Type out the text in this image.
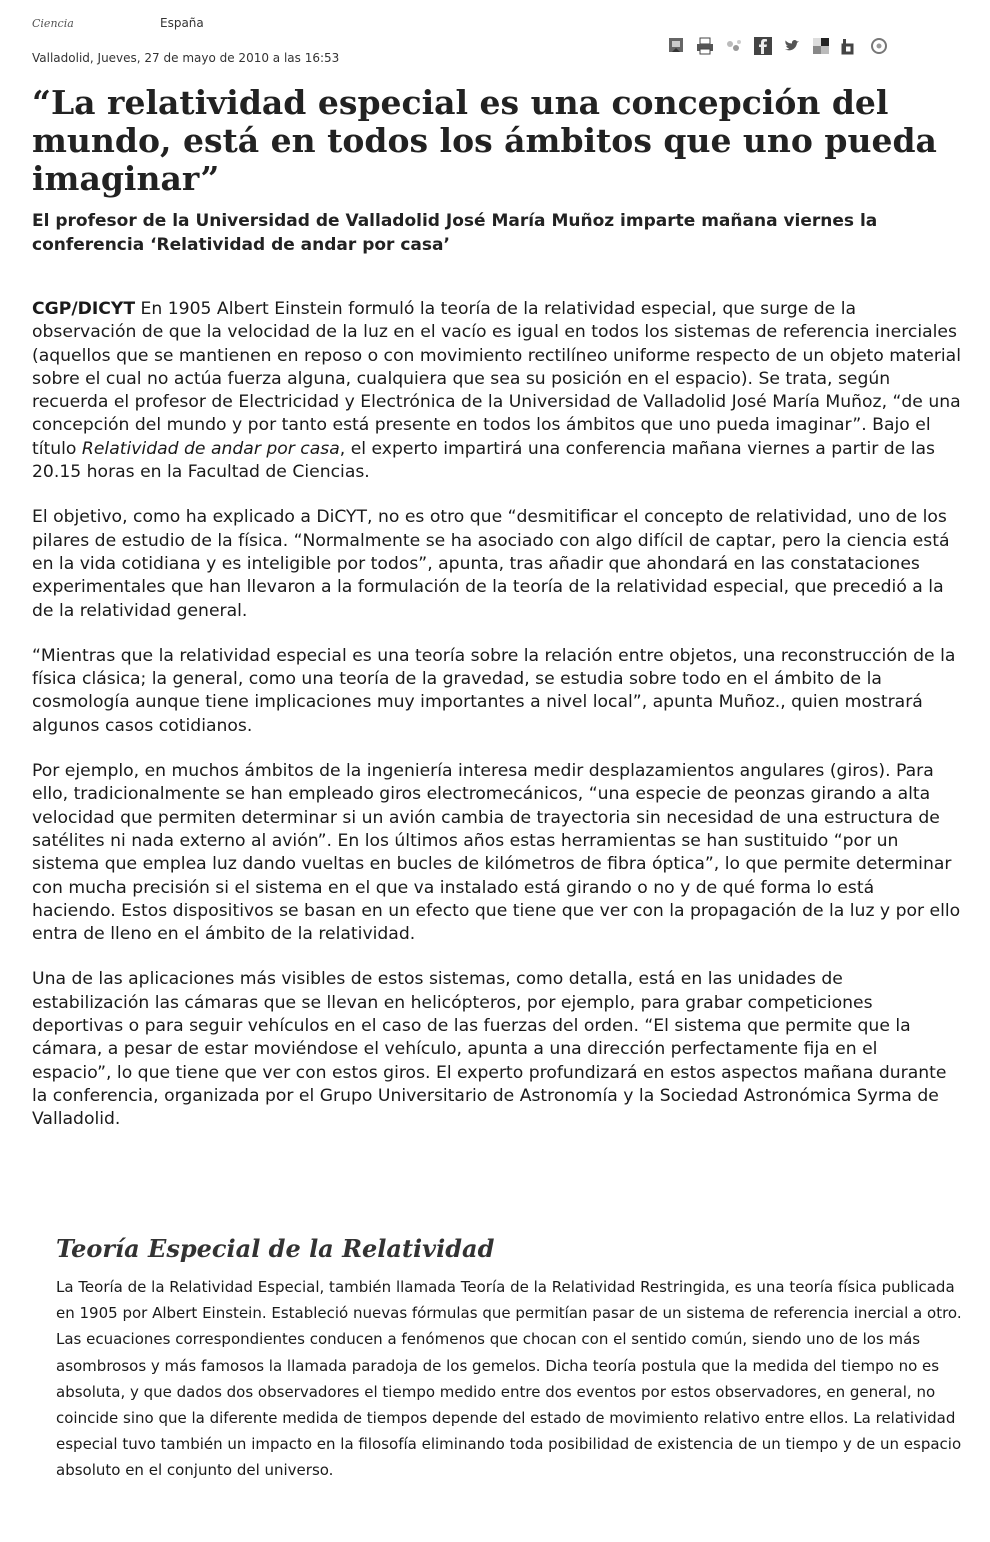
Ciencia	España
Valladolid, Jueves, 27 de mayo de 2010 a las 16:53
“La relatividad especial es una concepción del mundo, está en todos los ámbitos que uno pueda imaginar”

El profesor de la Universidad de Valladolid José María Muñoz imparte mañana viernes la conferencia ‘Relatividad de andar por casa’

CGP/DICYT En 1905 Albert Einstein formuló la teoría de la relatividad especial, que surge de la observación de que la velocidad de la luz en el vacío es igual en todos los sistemas de referencia inerciales (aquellos que se mantienen en reposo o con movimiento rectilíneo uniforme respecto de un objeto material sobre el cual no actúa fuerza alguna, cualquiera que sea su posición en el espacio). Se trata, según recuerda el profesor de Electricidad y Electrónica de la Universidad de Valladolid José María Muñoz, “de una concepción del mundo y por tanto está presente en todos los ámbitos que uno pueda imaginar”. Bajo el título Relatividad de andar por casa, el experto impartirá una conferencia mañana viernes a partir de las 20.15 horas en la Facultad de Ciencias.

El objetivo, como ha explicado a DiCYT, no es otro que “desmitificar el concepto de relatividad, uno de los pilares de estudio de la física. “Normalmente se ha asociado con algo difícil de captar, pero la ciencia está en la vida cotidiana y es inteligible por todos”, apunta, tras añadir que ahondará en las constataciones experimentales que han llevaron a la formulación de la teoría de la relatividad especial, que precedió a la de la relatividad general.

“Mientras que la relatividad especial es una teoría sobre la relación entre objetos, una reconstrucción de la física clásica; la general, como una teoría de la gravedad, se estudia sobre todo en el ámbito de la cosmología aunque tiene implicaciones muy importantes a nivel local”, apunta Muñoz., quien mostrará algunos casos cotidianos.

Por ejemplo, en muchos ámbitos de la ingeniería interesa medir desplazamientos angulares (giros). Para ello, tradicionalmente se han empleado giros electromecánicos, “una especie de peonzas girando a alta velocidad que permiten determinar si un avión cambia de trayectoria sin necesidad de una estructura de satélites ni nada externo al avión”. En los últimos años estas herramientas se han sustituido “por un sistema que emplea luz dando vueltas en bucles de kilómetros de fibra óptica”, lo que permite determinar con mucha precisión si el sistema en el que va instalado está girando o no y de qué forma lo está haciendo. Estos dispositivos se basan en un efecto que tiene que ver con la propagación de la luz y por ello entra de lleno en el ámbito de la relatividad.

Una de las aplicaciones más visibles de estos sistemas, como detalla, está en las unidades de estabilización las cámaras que se llevan en helicópteros, por ejemplo, para grabar competiciones deportivas o para seguir vehículos en el caso de las fuerzas del orden. “El sistema que permite que la cámara, a pesar de estar moviéndose el vehículo, apunta a una dirección perfectamente fija en el espacio”, lo que tiene que ver con estos giros. El experto profundizará en estos aspectos mañana durante la conferencia, organizada por el Grupo Universitario de Astronomía y la Sociedad Astronómica Syrma de Valladolid.

Teoría Especial de la Relatividad

La Teoría de la Relatividad Especial, también llamada Teoría de la Relatividad Restringida, es una teoría física publicada en 1905 por Albert Einstein. Estableció nuevas fórmulas que permitían pasar de un sistema de referencia inercial a otro. Las ecuaciones correspondientes conducen a fenómenos que chocan con el sentido común, siendo uno de los más asombrosos y más famosos la llamada paradoja de los gemelos. Dicha teoría postula que la medida del tiempo no es absoluta, y que dados dos observadores el tiempo medido entre dos eventos por estos observadores, en general, no coincide sino que la diferente medida de tiempos depende del estado de movimiento relativo entre ellos. La relatividad especial tuvo también un impacto en la filosofía eliminando toda posibilidad de existencia de un tiempo y de un espacio absoluto en el conjunto del universo.
